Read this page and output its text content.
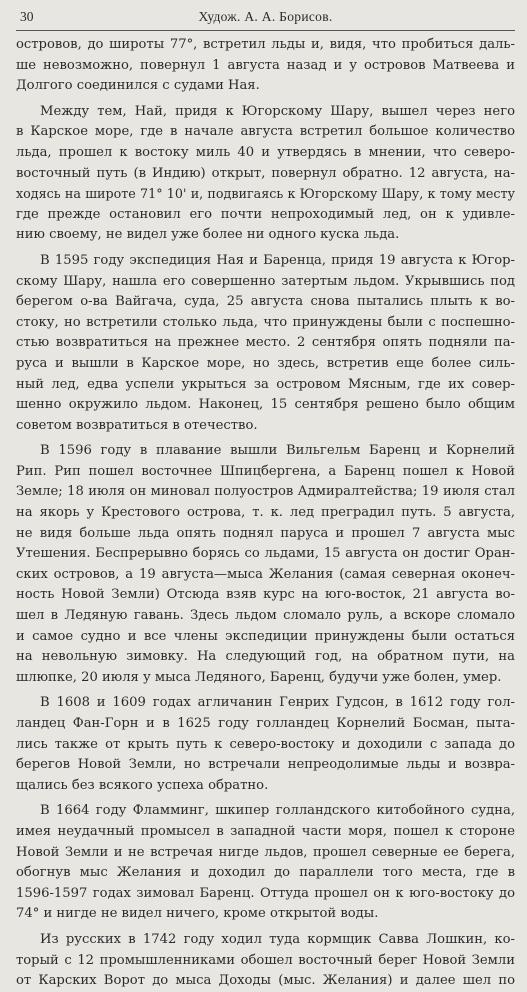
30	Худож. А. А. Борисов.

островов, до широты 77°, встретил льды и, видя, что пробиться даль-
ше невозможно, повернул 1 августа назад и у островов Матвеева и
Долгого соединился с судами Ная.

Между тем, Най, придя к Югорскому Шару, вышел через него
в Карское море, где в начале августа встретил большое количество
льда, прошел к востоку миль 40 и утвердясь в мнении, что северо-
восточный путь (в Индию) открыт, повернул обратно. 12 августа, на-
ходясь на широте 71° 10' и, подвигаясь к Югорскому Шару, к тому месту
где прежде остановил его почти непроходимый лед, он к удивле-
нию своему, не видел уже более ни одного куска льда.

В 1595 году экспедиция Ная и Баренца, придя 19 августа к Югор-
скому Шару, нашла его совершенно затертым льдом. Укрывшись под
берегом о-ва Вайгача, суда, 25 августа снова пытались плыть к во-
стоку, но встретили столько льда, что принуждены были с поспешно-
стью возвратиться на прежнее место. 2 сентября опять подняли па-
руса и вышли в Карское море, но здесь, встретив еще более силь-
ный лед, едва успели укрыться за островом Мясным, где их совер-
шенно окружило льдом. Наконец, 15 сентября решено было общим
советом возвратиться в отечество.

В 1596 году в плавание вышли Вильгельм Баренц и Корнелий
Рип. Рип пошел восточнее Шпицбергена, а Баренц пошел к Новой
Земле; 18 июля он миновал полуостров Адмиралтейства; 19 июля стал
на якорь у Крестового острова, т. к. лед преградил путь. 5 августа,
не видя больше льда опять поднял паруса и прошел 7 августа мыс
Утешения. Беспрерывно борясь со льдами, 15 августа он достиг Оран-
ских островов, а 19 августа—мыса Желания (самая северная оконеч-
ность Новой Земли) Отсюда взяв курс на юго-восток, 21 августа во-
шел в Ледяную гавань. Здесь льдом сломало руль, а вскоре сломало
и самое судно и все члены экспедиции принуждены были остаться
на невольную зимовку. На следующий год, на обратном пути, на
шлюпке, 20 июля у мыса Ледяного, Баренц, будучи уже болен, умер.

В 1608 и 1609 годах агличанин Генрих Гудсон, в 1612 году гол-
ландец Фан-Горн и в 1625 году голландец Корнелий Босман, пыта-
лись также от крыть путь к северо-востоку и доходили с запада до
берегов Новой Земли, но встречали непреодолимые льды и возвра-
щались без всякого успеха обратно.

В 1664 году Фламминг, шкипер голландского китобойного судна,
имея неудачный промысел в западной части моря, пошел к стороне
Новой Земли и не встречая нигде льдов, прошел северные ее берега,
обогнув мыс Желания и доходил до параллели того места, где в
1596-1597 годах зимовал Баренц. Оттуда прошел он к юго-востоку до
74° и нигде не видел ничего, кроме открытой воды.

Из русских в 1742 году ходил туда кормщик Савва Лошкин, ко-
торый с 12 промышленниками обошел восточный берег Новой Земли
от Карских Ворот до мыса Доходы (мыс. Желания) и далее шел по
